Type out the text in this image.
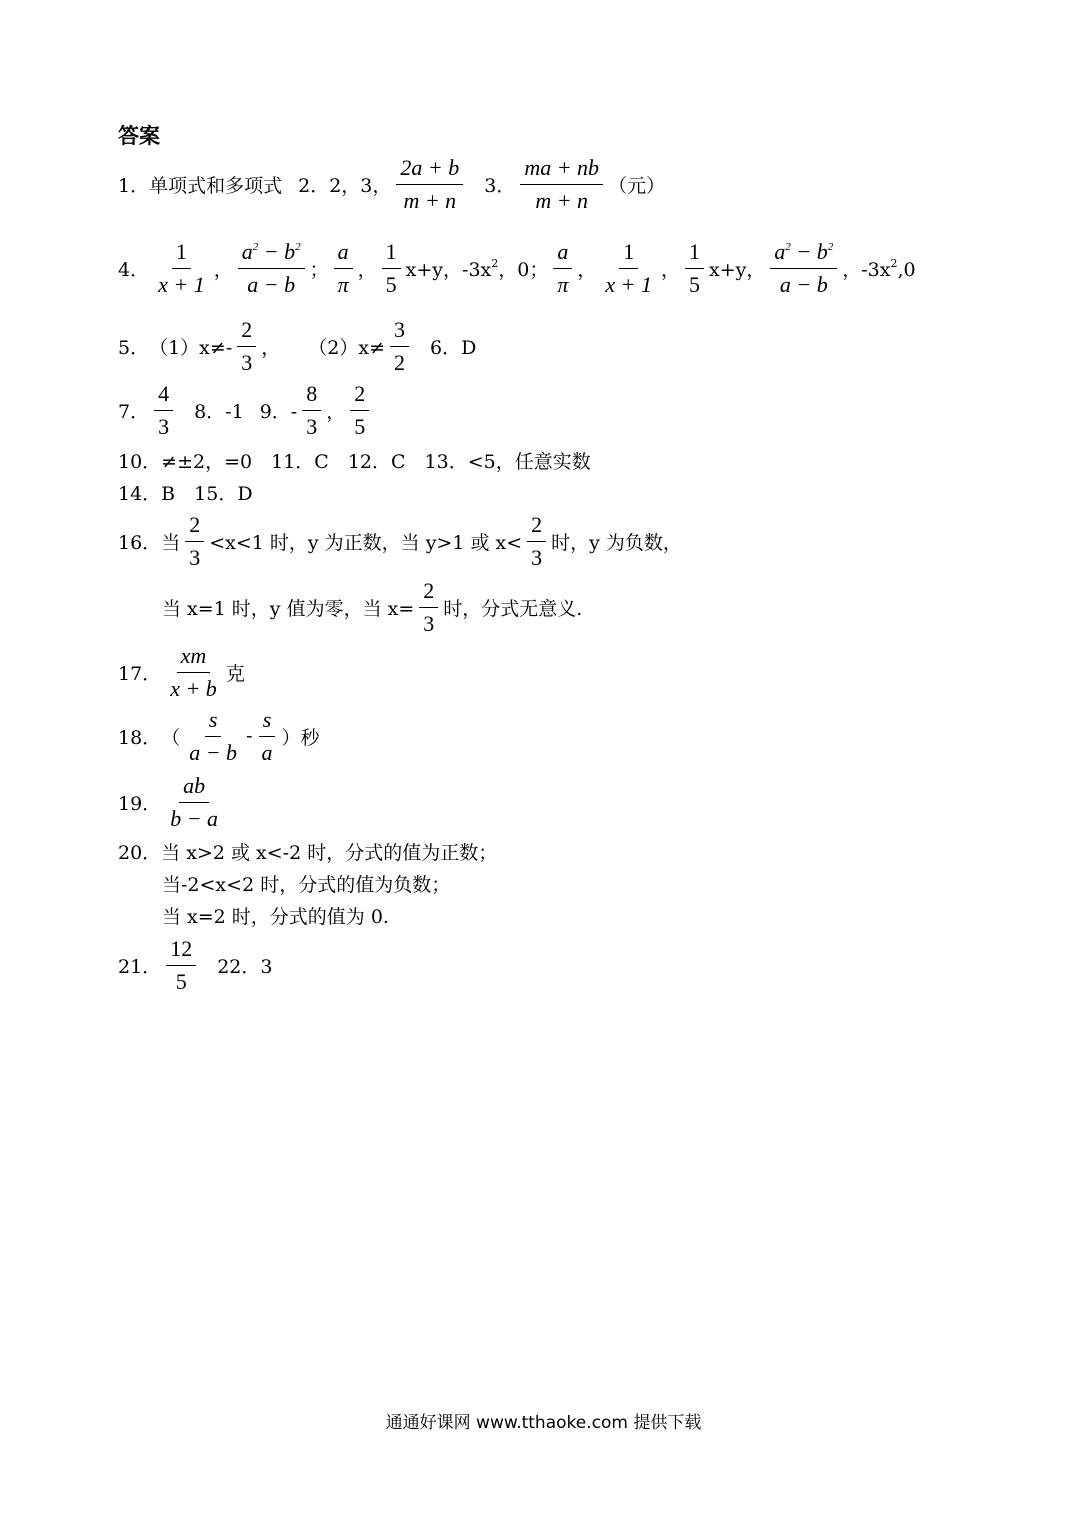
答案
1． 单项式和多项式 2．2，3， $\frac{2a + b}{m + n} 3$． $\frac{ma + nb}{m + n}$ （元）
4． $\frac{1}{x + 1}$ ， $\frac{a^2 - b^2}{a - b}$ ； $\frac{a}{\pi}$ ， $\frac{1}{5} x+y$，$-3x^2$，0； $\frac{a}{\pi}$ ， $\frac{1}{x + 1}$ ， $\frac{1}{5} x+y$， $\frac{a^2 - b^2}{a - b}$ ，$-3x^2,0$
5． $(1)x\ne- \frac{2}{3}$ ， $(2)x\ne \frac{3}{2} 6$．D
7． $\frac{4}{3} 8$．-1 9．- $\frac{8}{3}$ ， $\frac{2}{5}$
10．≠±2，=0　11．C　12．C　13．<5，任意实数
14．B　15．D
16． 当 $\frac{2}{3} <x<1$ 时，y 为正数，当 y>1 或 $x< \frac{2}{3}$ 时，y 为负数，
当 x=1 时，y 值为零，当 $x= \frac{2}{3}$ 时，分式无意义.
17． $\frac{xm}{x + b}$ 克
18． （ $\frac{s}{a - b} - \frac{s}{a}$ ）秒
19． $\frac{ab}{b - a}$
20．当 x>2 或 x<-2 时，分式的值为正数；
当-2<x<2 时，分式的值为负数；
当 x=2 时，分式的值为 0.
21． $\frac{12}{5} 22$．3
通通好课网 www.tthaoke.com 提供下载
